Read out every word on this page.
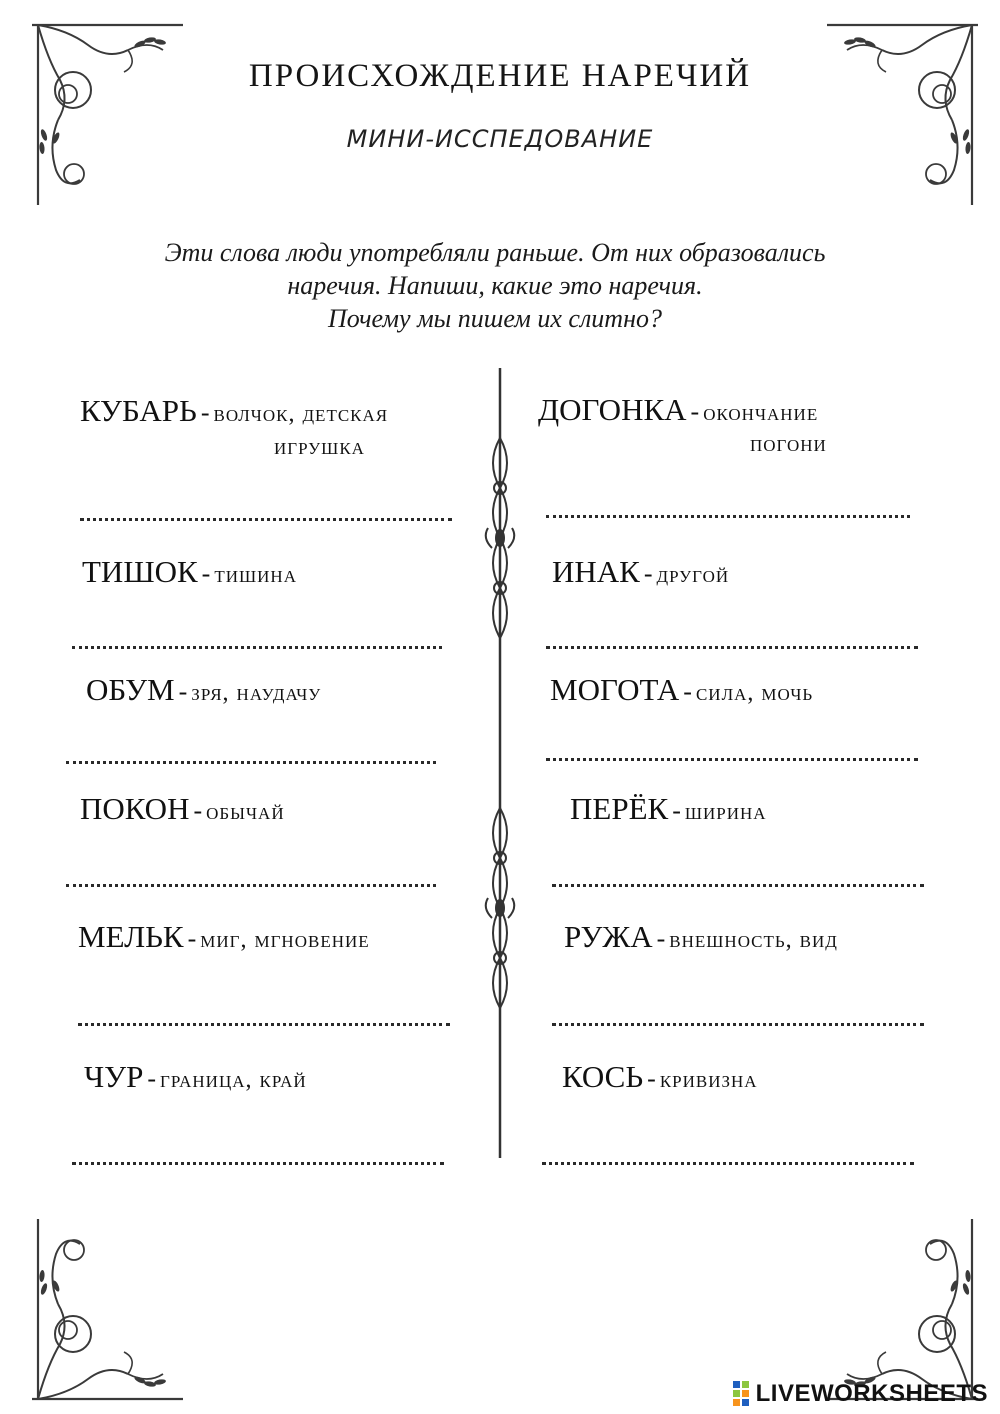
ПРОИСХОЖДЕНИЕ НАРЕЧИЙ
МИНИ-ИССПЕДОВАНИЕ
Эти слова люди употребляли раньше. От них образовались
наречия. Напиши, какие это наречия.
Почему мы пишем их слитно?
КУБАРЬ - волчок, детская
игрушка
ТИШОК - тишина
ОБУМ - зря, наудачу
ПОКОН - обычай
МЕЛЬК - миг, мгновение
ЧУР - граница, край
ДОГОНКА - окончание
погони
ИНАК - другой
МОГОТА - сила, мочь
ПЕРЁК - ширина
РУЖА - внешность, вид
КОСЬ - кривизна
LIVEWORKSHEETS
